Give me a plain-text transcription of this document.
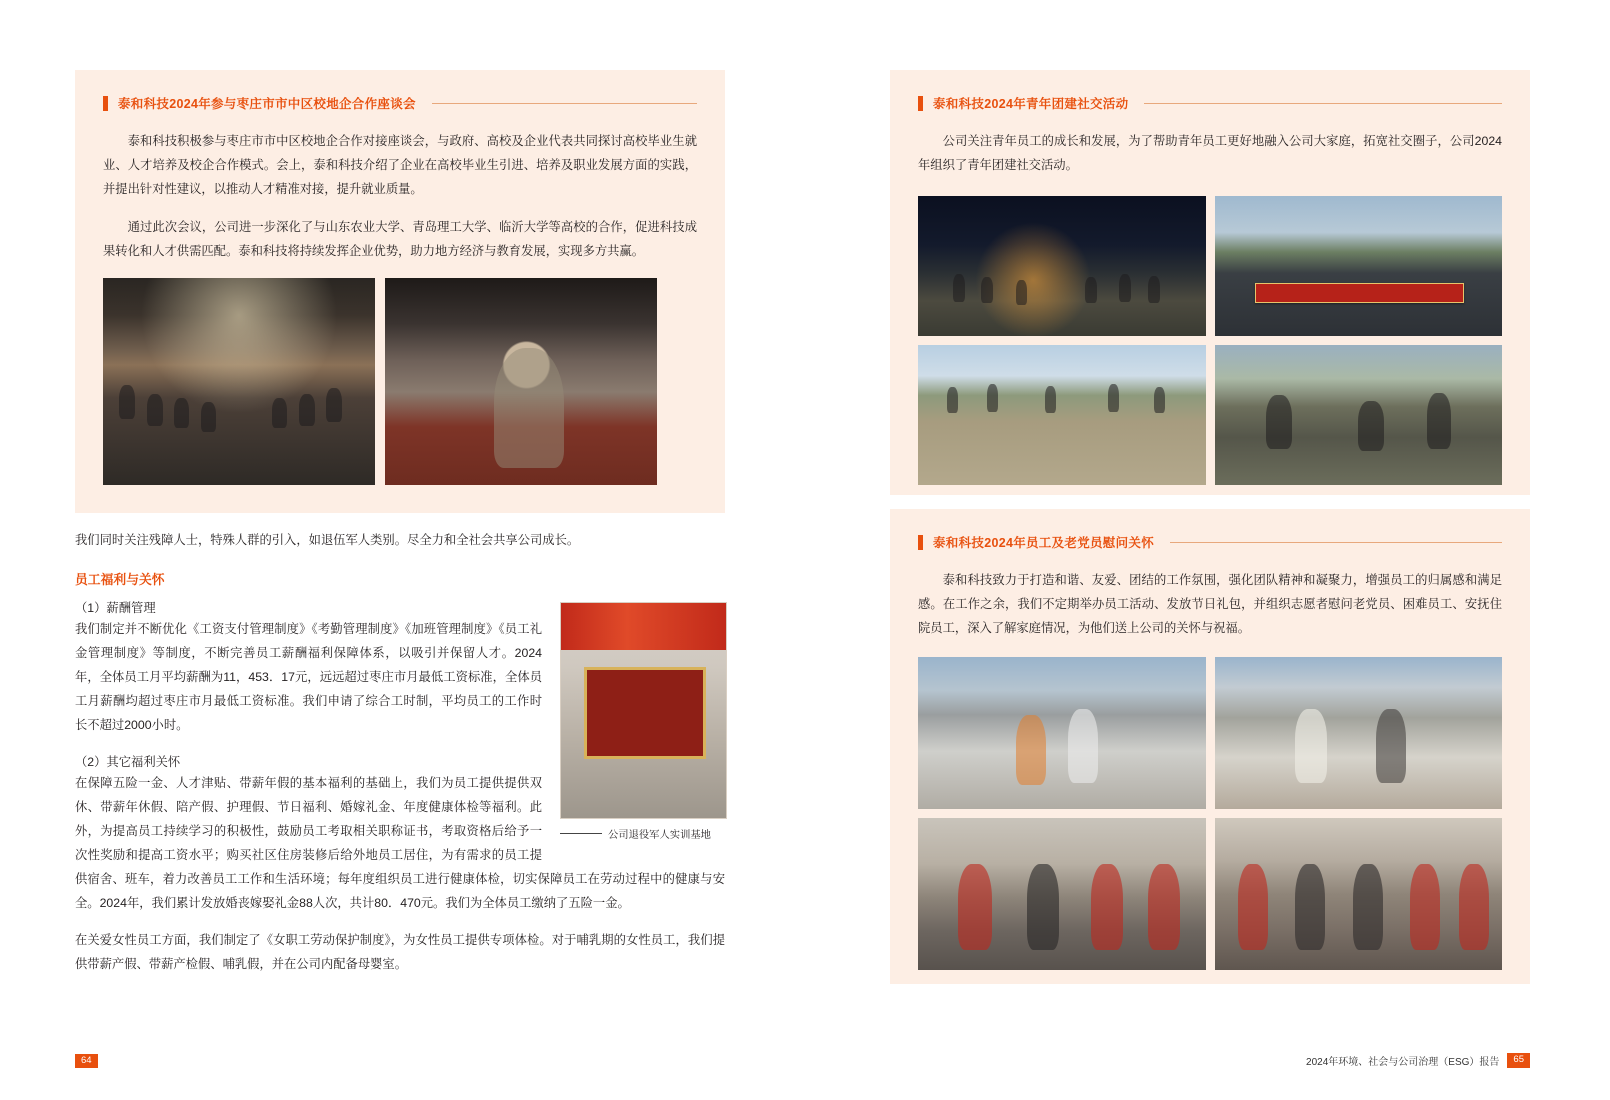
泰和科技2024年参与枣庄市市中区校地企合作座谈会

泰和科技积极参与枣庄市市中区校地企合作对接座谈会，与政府、高校及企业代表共同探讨高校毕业生就业、人才培养及校企合作模式。会上，泰和科技介绍了企业在高校毕业生引进、培养及职业发展方面的实践，并提出针对性建议，以推动人才精准对接，提升就业质量。

通过此次会议，公司进一步深化了与山东农业大学、青岛理工大学、临沂大学等高校的合作，促进科技成果转化和人才供需匹配。泰和科技将持续发挥企业优势，助力地方经济与教育发展，实现多方共赢。

我们同时关注残障人士，特殊人群的引入，如退伍军人类别。尽全力和全社会共享公司成长。

员工福利与关怀
公司退役军人实训基地
（1）薪酬管理

我们制定并不断优化《工资支付管理制度》《考勤管理制度》《加班管理制度》《员工礼金管理制度》等制度，不断完善员工薪酬福利保障体系，以吸引并保留人才。2024年，全体员工月平均薪酬为11，453．17元，远远超过枣庄市月最低工资标准，全体员工月薪酬均超过枣庄市月最低工资标准。我们申请了综合工时制，平均员工的工作时长不超过2000小时。

（2）其它福利关怀

在保障五险一金、人才津贴、带薪年假的基本福利的基础上，我们为员工提供提供双休、带薪年休假、陪产假、护理假、节日福利、婚嫁礼金、年度健康体检等福利。此外，为提高员工持续学习的积极性，鼓励员工考取相关职称证书，考取资格后给予一次性奖励和提高工资水平；购买社区住房装修后给外地员工居住，为有需求的员工提供宿舍、班车，着力改善员工工作和生活环境；每年度组织员工进行健康体检，切实保障员工在劳动过程中的健康与安全。2024年，我们累计发放婚丧嫁娶礼金88人次，共计80．470元。我们为全体员工缴纳了五险一金。

在关爱女性员工方面，我们制定了《女职工劳动保护制度》，为女性员工提供专项体检。对于哺乳期的女性员工，我们提供带薪产假、带薪产检假、哺乳假，并在公司内配备母婴室。

64
泰和科技2024年青年团建社交活动

公司关注青年员工的成长和发展，为了帮助青年员工更好地融入公司大家庭，拓宽社交圈子，公司2024年组织了青年团建社交活动。

泰和科技2024年员工及老党员慰问关怀

泰和科技致力于打造和谐、友爱、团结的工作氛围，强化团队精神和凝聚力，增强员工的归属感和满足感。在工作之余，我们不定期举办员工活动、发放节日礼包，并组织志愿者慰问老党员、困难员工、安抚住院员工，深入了解家庭情况，为他们送上公司的关怀与祝福。

2024年环境、社会与公司治理（ESG）报告	65
